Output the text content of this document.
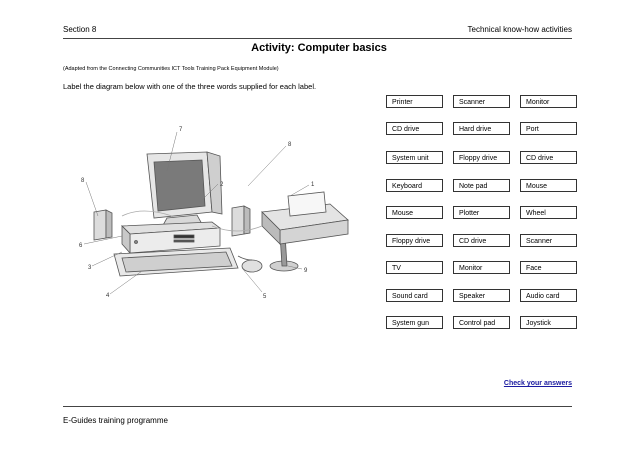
Section 8	Technical know-how activities
Activity: Computer basics
(Adapted from the Connecting Communities ICT Tools Training Pack Equipment Module)
Label the diagram below with one of the three words supplied for each label.
7
8
2	1
8
6
3
4	5
9
Printer	Scanner	Monitor
CD drive	Hard drive	Port
System unit	Floppy drive	CD drive
Keyboard	Note pad	Mouse
Mouse	Plotter	Wheel
Floppy drive	CD drive	Scanner
TV	Monitor	Face
Sound card	Speaker	Audio card
System gun	Control pad	Joystick
Check your answers
E-Guides training programme
